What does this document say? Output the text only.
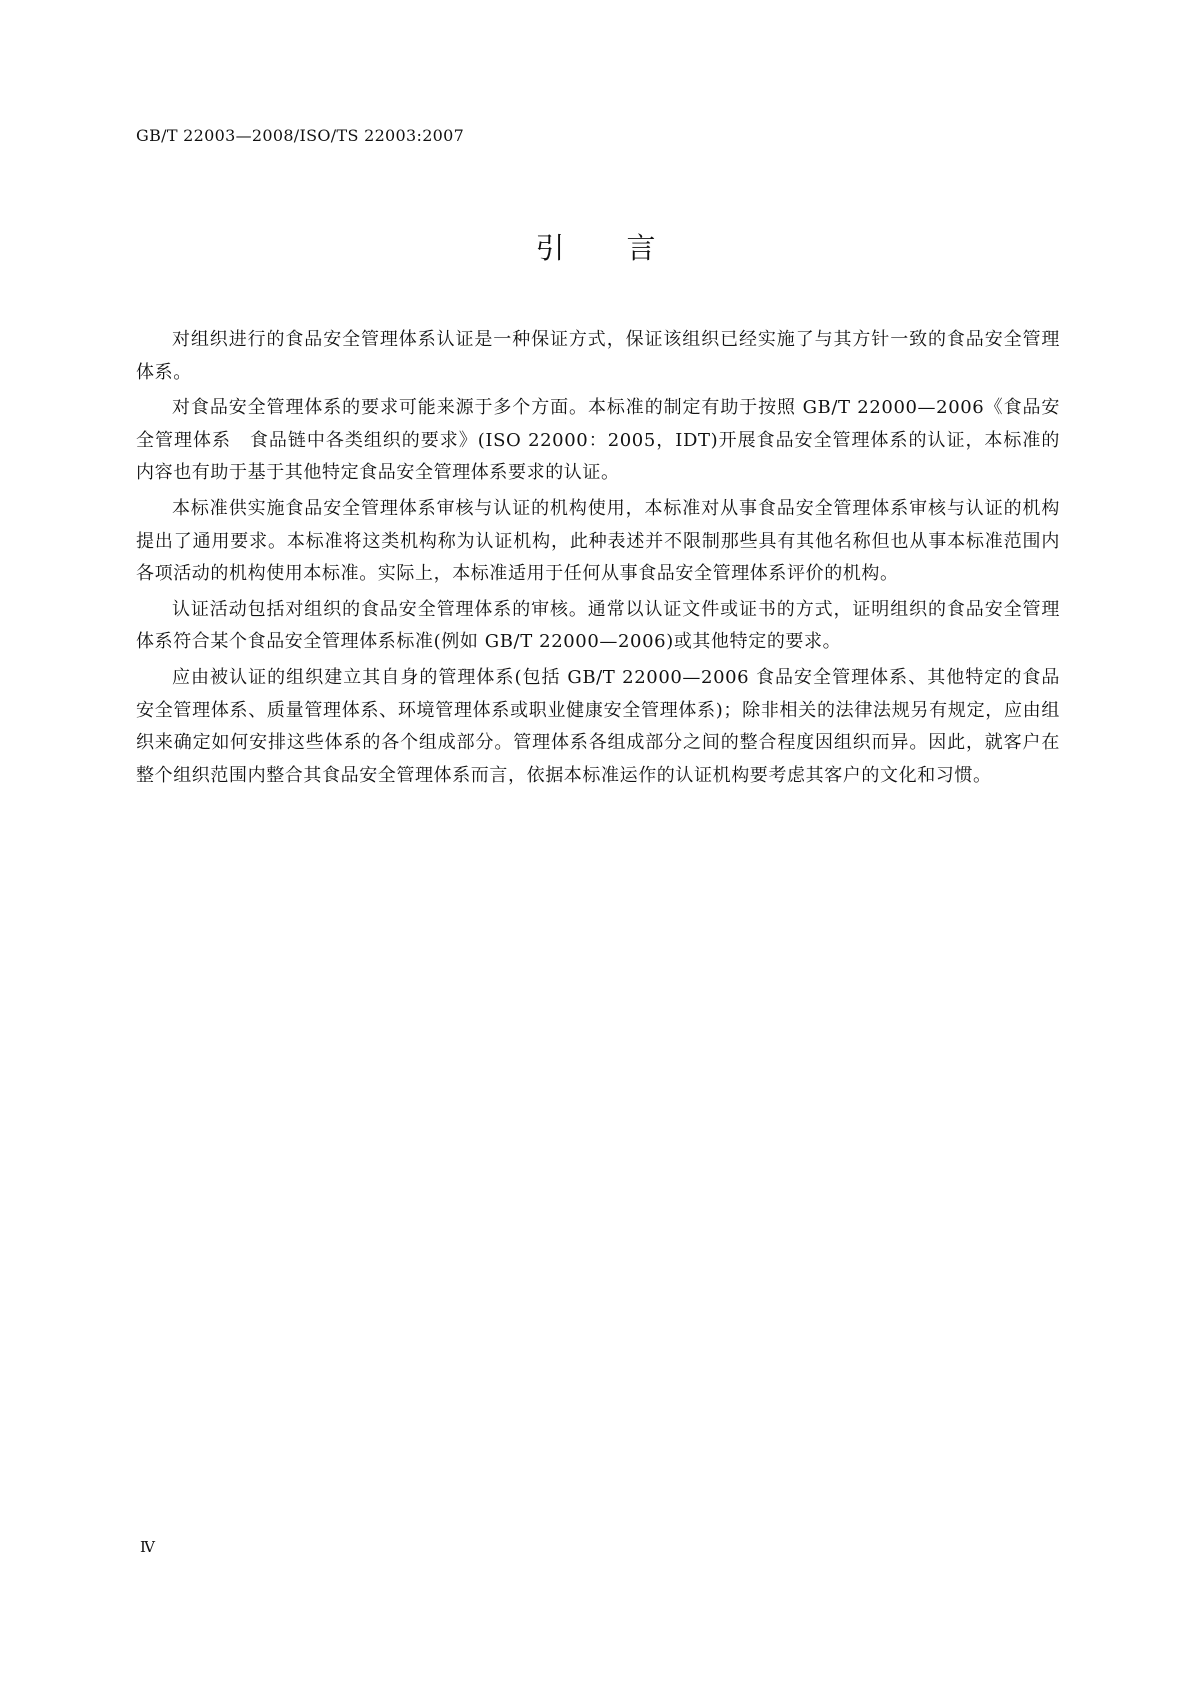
GB/T 22003—2008/ISO/TS 22003:2007
引言

对组织进行的食品安全管理体系认证是一种保证方式，保证该组织已经实施了与其方针一致的食品安全管理体系。

对食品安全管理体系的要求可能来源于多个方面。本标准的制定有助于按照 GB/T 22000—2006《食品安全管理体系　食品链中各类组织的要求》(ISO 22000：2005，IDT)开展食品安全管理体系的认证，本标准的内容也有助于基于其他特定食品安全管理体系要求的认证。

本标准供实施食品安全管理体系审核与认证的机构使用，本标准对从事食品安全管理体系审核与认证的机构提出了通用要求。本标准将这类机构称为认证机构，此种表述并不限制那些具有其他名称但也从事本标准范围内各项活动的机构使用本标准。实际上，本标准适用于任何从事食品安全管理体系评价的机构。

认证活动包括对组织的食品安全管理体系的审核。通常以认证文件或证书的方式，证明组织的食品安全管理体系符合某个食品安全管理体系标准(例如 GB/T 22000—2006)或其他特定的要求。

应由被认证的组织建立其自身的管理体系(包括 GB/T 22000—2006 食品安全管理体系、其他特定的食品安全管理体系、质量管理体系、环境管理体系或职业健康安全管理体系)；除非相关的法律法规另有规定，应由组织来确定如何安排这些体系的各个组成部分。管理体系各组成部分之间的整合程度因组织而异。因此，就客户在整个组织范围内整合其食品安全管理体系而言，依据本标准运作的认证机构要考虑其客户的文化和习惯。

Ⅳ
